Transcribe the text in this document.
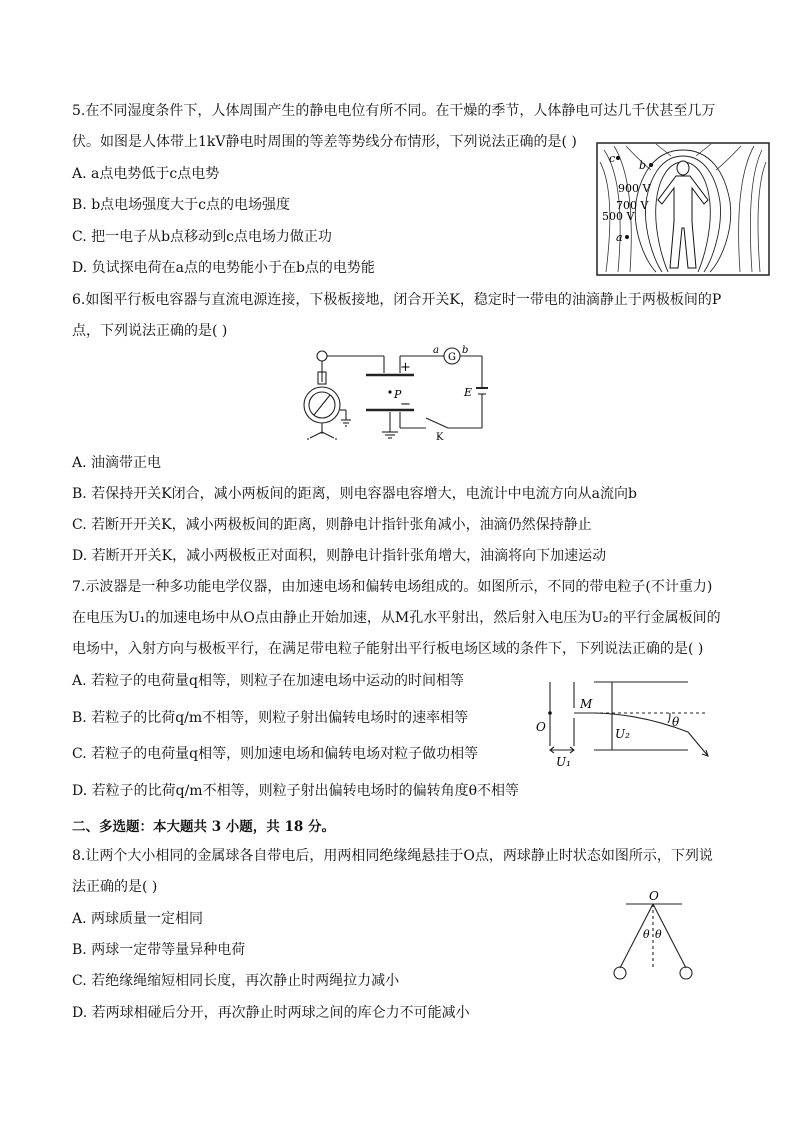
5.在不同湿度条件下，人体周围产生的静电电位有所不同。在干燥的季节，人体静电可达几千伏甚至几万
伏。如图是人体带上1kV静电时周围的等差等势线分布情形，下列说法正确的是( )
A. a点电势低于c点电势
B. b点电场强度大于c点的电场强度
C. 把一电子从b点移动到c点电场力做正功
D. 负试探电荷在a点的电势能小于在b点的电势能
c
b
a
900 V
700 V
500 V
6.如图平行板电容器与直流电源连接，下极板接地，闭合开关K，稳定时一带电的油滴静止于两极板间的P
点，下列说法正确的是( )
+
−
P
a b
G
E
K
A. 油滴带正电
B. 若保持开关K闭合，减小两板间的距离，则电容器电容增大，电流计中电流方向从a流向b
C. 若断开开关K，减小两极板间的距离，则静电计指针张角减小，油滴仍然保持静止
D. 若断开开关K，减小两极板正对面积，则静电计指针张角增大，油滴将向下加速运动
7.示波器是一种多功能电学仪器，由加速电场和偏转电场组成的。如图所示，不同的带电粒子(不计重力)
在电压为U₁的加速电场中从O点由静止开始加速，从M孔水平射出，然后射入电压为U₂的平行金属板间的
电场中，入射方向与极板平行，在满足带电粒子能射出平行板电场区域的条件下，下列说法正确的是( )
A. 若粒子的电荷量q相等，则粒子在加速电场中运动的时间相等
B. 若粒子的比荷q/m不相等，则粒子射出偏转电场时的速率相等
C. 若粒子的电荷量q相等，则加速电场和偏转电场对粒子做功相等
D. 若粒子的比荷q/m不相等，则粒子射出偏转电场时的偏转角度θ不相等
O
M
U₁
U₂
θ
二、多选题：本大题共 3 小题，共 18 分。
8.让两个大小相同的金属球各自带电后，用两相同绝缘绳悬挂于O点，两球静止时状态如图所示，下列说
法正确的是( )
A. 两球质量一定相同
B. 两球一定带等量异种电荷
C. 若绝缘绳缩短相同长度，再次静止时两绳拉力减小
D. 若两球相碰后分开，再次静止时两球之间的库仑力不可能减小
O
θ θ
